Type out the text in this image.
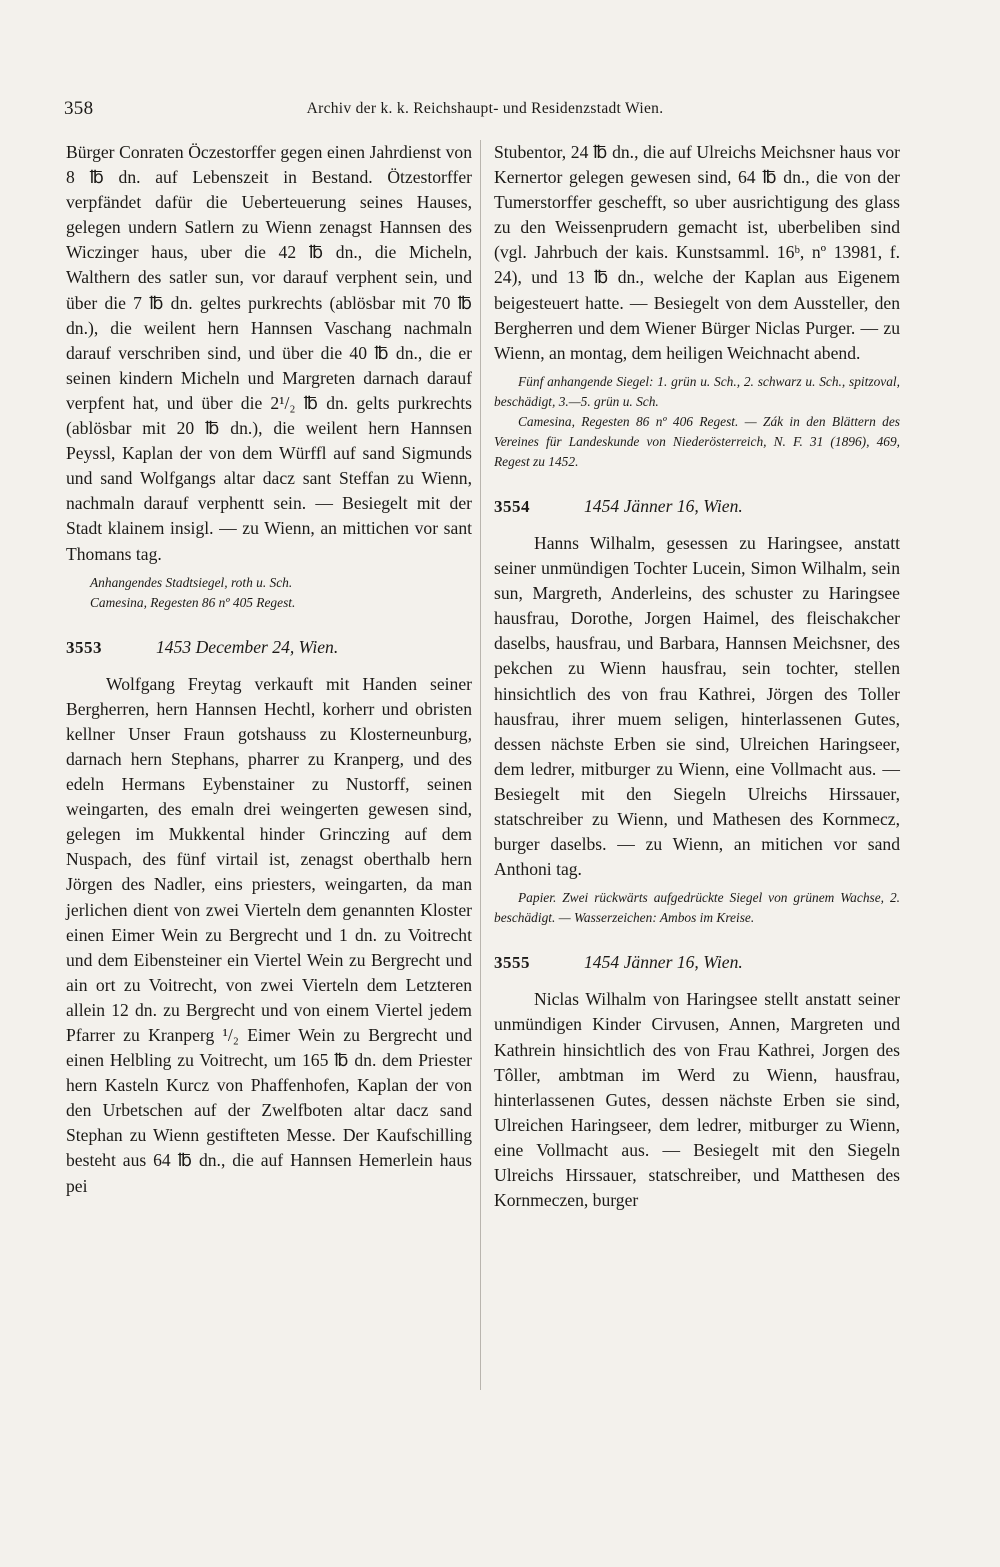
358	Archiv der k. k. Reichshaupt- und Residenzstadt Wien.

Bürger Conraten Öczestorffer gegen einen Jahrdienst von 8 ℔ dn. auf Lebenszeit in Bestand. Ötzestorffer verpfändet dafür die Ueberteuerung seines Hauses, gelegen undern Satlern zu Wienn zenagst Hannsen des Wiczinger haus, uber die 42 ℔ dn., die Micheln, Walthern des satler sun, vor darauf verphent sein, und über die 7 ℔ dn. geltes purkrechts (ablösbar mit 70 ℔ dn.), die weilent hern Hannsen Vaschang nachmaln darauf verschriben sind, und über die 40 ℔ dn., die er seinen kindern Micheln und Margreten darnach darauf verpfent hat, und über die 2¹/₂ ℔ dn. gelts purkrechts (ablösbar mit 20 ℔ dn.), die weilent hern Hannsen Peyssl, Kaplan der von dem Würffl auf sand Sigmunds und sand Wolfgangs altar dacz sant Steffan zu Wienn, nachmaln darauf verphentt sein. — Besiegelt mit der Stadt klainem insigl. — zu Wienn, an mittichen vor sant Thomans tag.

Anhangendes Stadtsiegel, roth u. Sch.

Camesina, Regesten 86 nº 405 Regest.

3553	1453 December 24, Wien.

Wolfgang Freytag verkauft mit Handen seiner Bergherren, hern Hannsen Hechtl, korherr und obristen kellner Unser Fraun gotshauss zu Klosterneunburg, darnach hern Stephans, pharrer zu Kranperg, und des edeln Hermans Eybenstainer zu Nustorff, seinen weingarten, des emaln drei weingerten gewesen sind, gelegen im Mukkental hinder Grinczing auf dem Nuspach, des fünf virtail ist, zenagst oberthalb hern Jörgen des Nadler, eins priesters, weingarten, da man jerlichen dient von zwei Vierteln dem genannten Kloster einen Eimer Wein zu Bergrecht und 1 dn. zu Voitrecht und dem Eibensteiner ein Viertel Wein zu Bergrecht und ain ort zu Voitrecht, von zwei Vierteln dem Letzteren allein 12 dn. zu Bergrecht und von einem Viertel jedem Pfarrer zu Kranperg ¹/₂ Eimer Wein zu Bergrecht und einen Helbling zu Voitrecht, um 165 ℔ dn. dem Priester hern Kasteln Kurcz von Phaffenhofen, Kaplan der von den Urbetschen auf der Zwelfboten altar dacz sand Stephan zu Wienn gestifteten Messe. Der Kaufschilling besteht aus 64 ℔ dn., die auf Hannsen Hemerlein haus pei

Stubentor, 24 ℔ dn., die auf Ulreichs Meichsner haus vor Kernertor gelegen gewesen sind, 64 ℔ dn., die von der Tumerstorffer geschefft, so uber ausrichtigung des glass zu den Weissenprudern gemacht ist, uberbeliben sind (vgl. Jahrbuch der kais. Kunstsamml. 16ᵇ, nº 13981, f. 24), und 13 ℔ dn., welche der Kaplan aus Eigenem beigesteuert hatte. — Besiegelt von dem Aussteller, den Bergherren und dem Wiener Bürger Niclas Purger. — zu Wienn, an montag, dem heiligen Weichnacht abend.

Fünf anhangende Siegel: 1. grün u. Sch., 2. schwarz u. Sch., spitzoval, beschädigt, 3.—5. grün u. Sch.

Camesina, Regesten 86 nº 406 Regest. — Zák in den Blättern des Vereines für Landeskunde von Niederösterreich, N. F. 31 (1896), 469, Regest zu 1452.

3554	1454 Jänner 16, Wien.

Hanns Wilhalm, gesessen zu Haringsee, anstatt seiner unmündigen Tochter Lucein, Simon Wilhalm, sein sun, Margreth, Anderleins, des schuster zu Haringsee hausfrau, Dorothe, Jorgen Haimel, des fleischakcher daselbs, hausfrau, und Barbara, Hannsen Meichsner, des pekchen zu Wienn hausfrau, sein tochter, stellen hinsichtlich des von frau Kathrei, Jörgen des Toller hausfrau, ihrer muem seligen, hinterlassenen Gutes, dessen nächste Erben sie sind, Ulreichen Haringseer, dem ledrer, mitburger zu Wienn, eine Vollmacht aus. — Besiegelt mit den Siegeln Ulreichs Hirssauer, statschreiber zu Wienn, und Mathesen des Kornmecz, burger daselbs. — zu Wienn, an mitichen vor sand Anthoni tag.

Papier. Zwei rückwärts aufgedrückte Siegel von grünem Wachse, 2. beschädigt. — Wasserzeichen: Ambos im Kreise.

3555	1454 Jänner 16, Wien.

Niclas Wilhalm von Haringsee stellt anstatt seiner unmündigen Kinder Cirvusen, Annen, Margreten und Kathrein hinsichtlich des von Frau Kathrei, Jorgen des Tôller, ambtman im Werd zu Wienn, hausfrau, hinterlassenen Gutes, dessen nächste Erben sie sind, Ulreichen Haringseer, dem ledrer, mitburger zu Wienn, eine Vollmacht aus. — Besiegelt mit den Siegeln Ulreichs Hirssauer, statschreiber, und Matthesen des Kornmeczen, burger
